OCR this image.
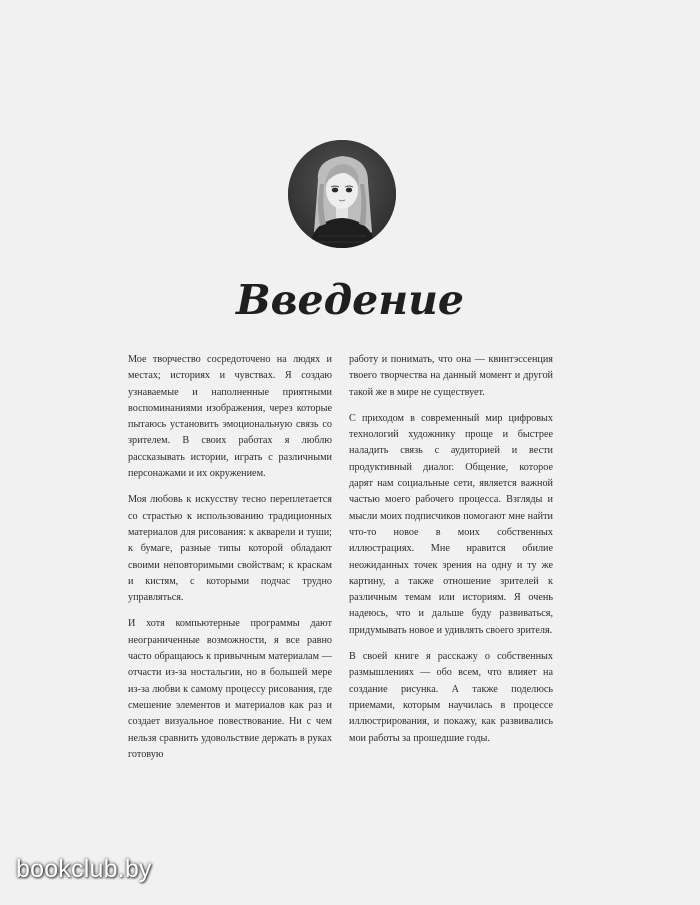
Введение

Мое творчество сосредоточено на людях и местах; историях и чувствах. Я создаю узнаваемые и наполненные приятными воспоминаниями изображения, через которые пытаюсь установить эмоциональную связь со зрителем. В своих работах я люблю рассказывать истории, играть с различными персонажами и их окружением.

Моя любовь к искусству тесно переплетается со страстью к использованию традиционных материалов для рисования: к акварели и туши; к бумаге, разные типы которой обладают своими неповторимыми свойствам; к краскам и кистям, с которыми подчас трудно управляться.

И хотя компьютерные программы дают неограниченные возможности, я все равно часто обращаюсь к привычным материалам — отчасти из-за ностальгии, но в большей мере из-за любви к самому процессу рисования, где смешение элементов и материалов как раз и создает визуальное повествование. Ни с чем нельзя сравнить удовольствие держать в руках готовую

работу и понимать, что она — квинтэссенция твоего творчества на данный момент и другой такой же в мире не существует.

С приходом в современный мир цифровых технологий художнику проще и быстрее наладить связь с аудиторией и вести продуктивный диалог. Общение, которое дарят нам социальные сети, является важной частью моего рабочего процесса. Взгляды и мысли моих подписчиков помогают мне найти что-то новое в моих собственных иллюстрациях. Мне нравится обилие неожиданных точек зрения на одну и ту же картину, а также отношение зрителей к различным темам или историям. Я очень надеюсь, что и дальше буду развиваться, придумывать новое и удивлять своего зрителя.

В своей книге я расскажу о собственных размышлениях — обо всем, что влияет на создание рисунка. А также поделюсь приемами, которым научилась в процессе иллюстрирования, и покажу, как развивались мои работы за прошедшие годы.

bookclub.by
